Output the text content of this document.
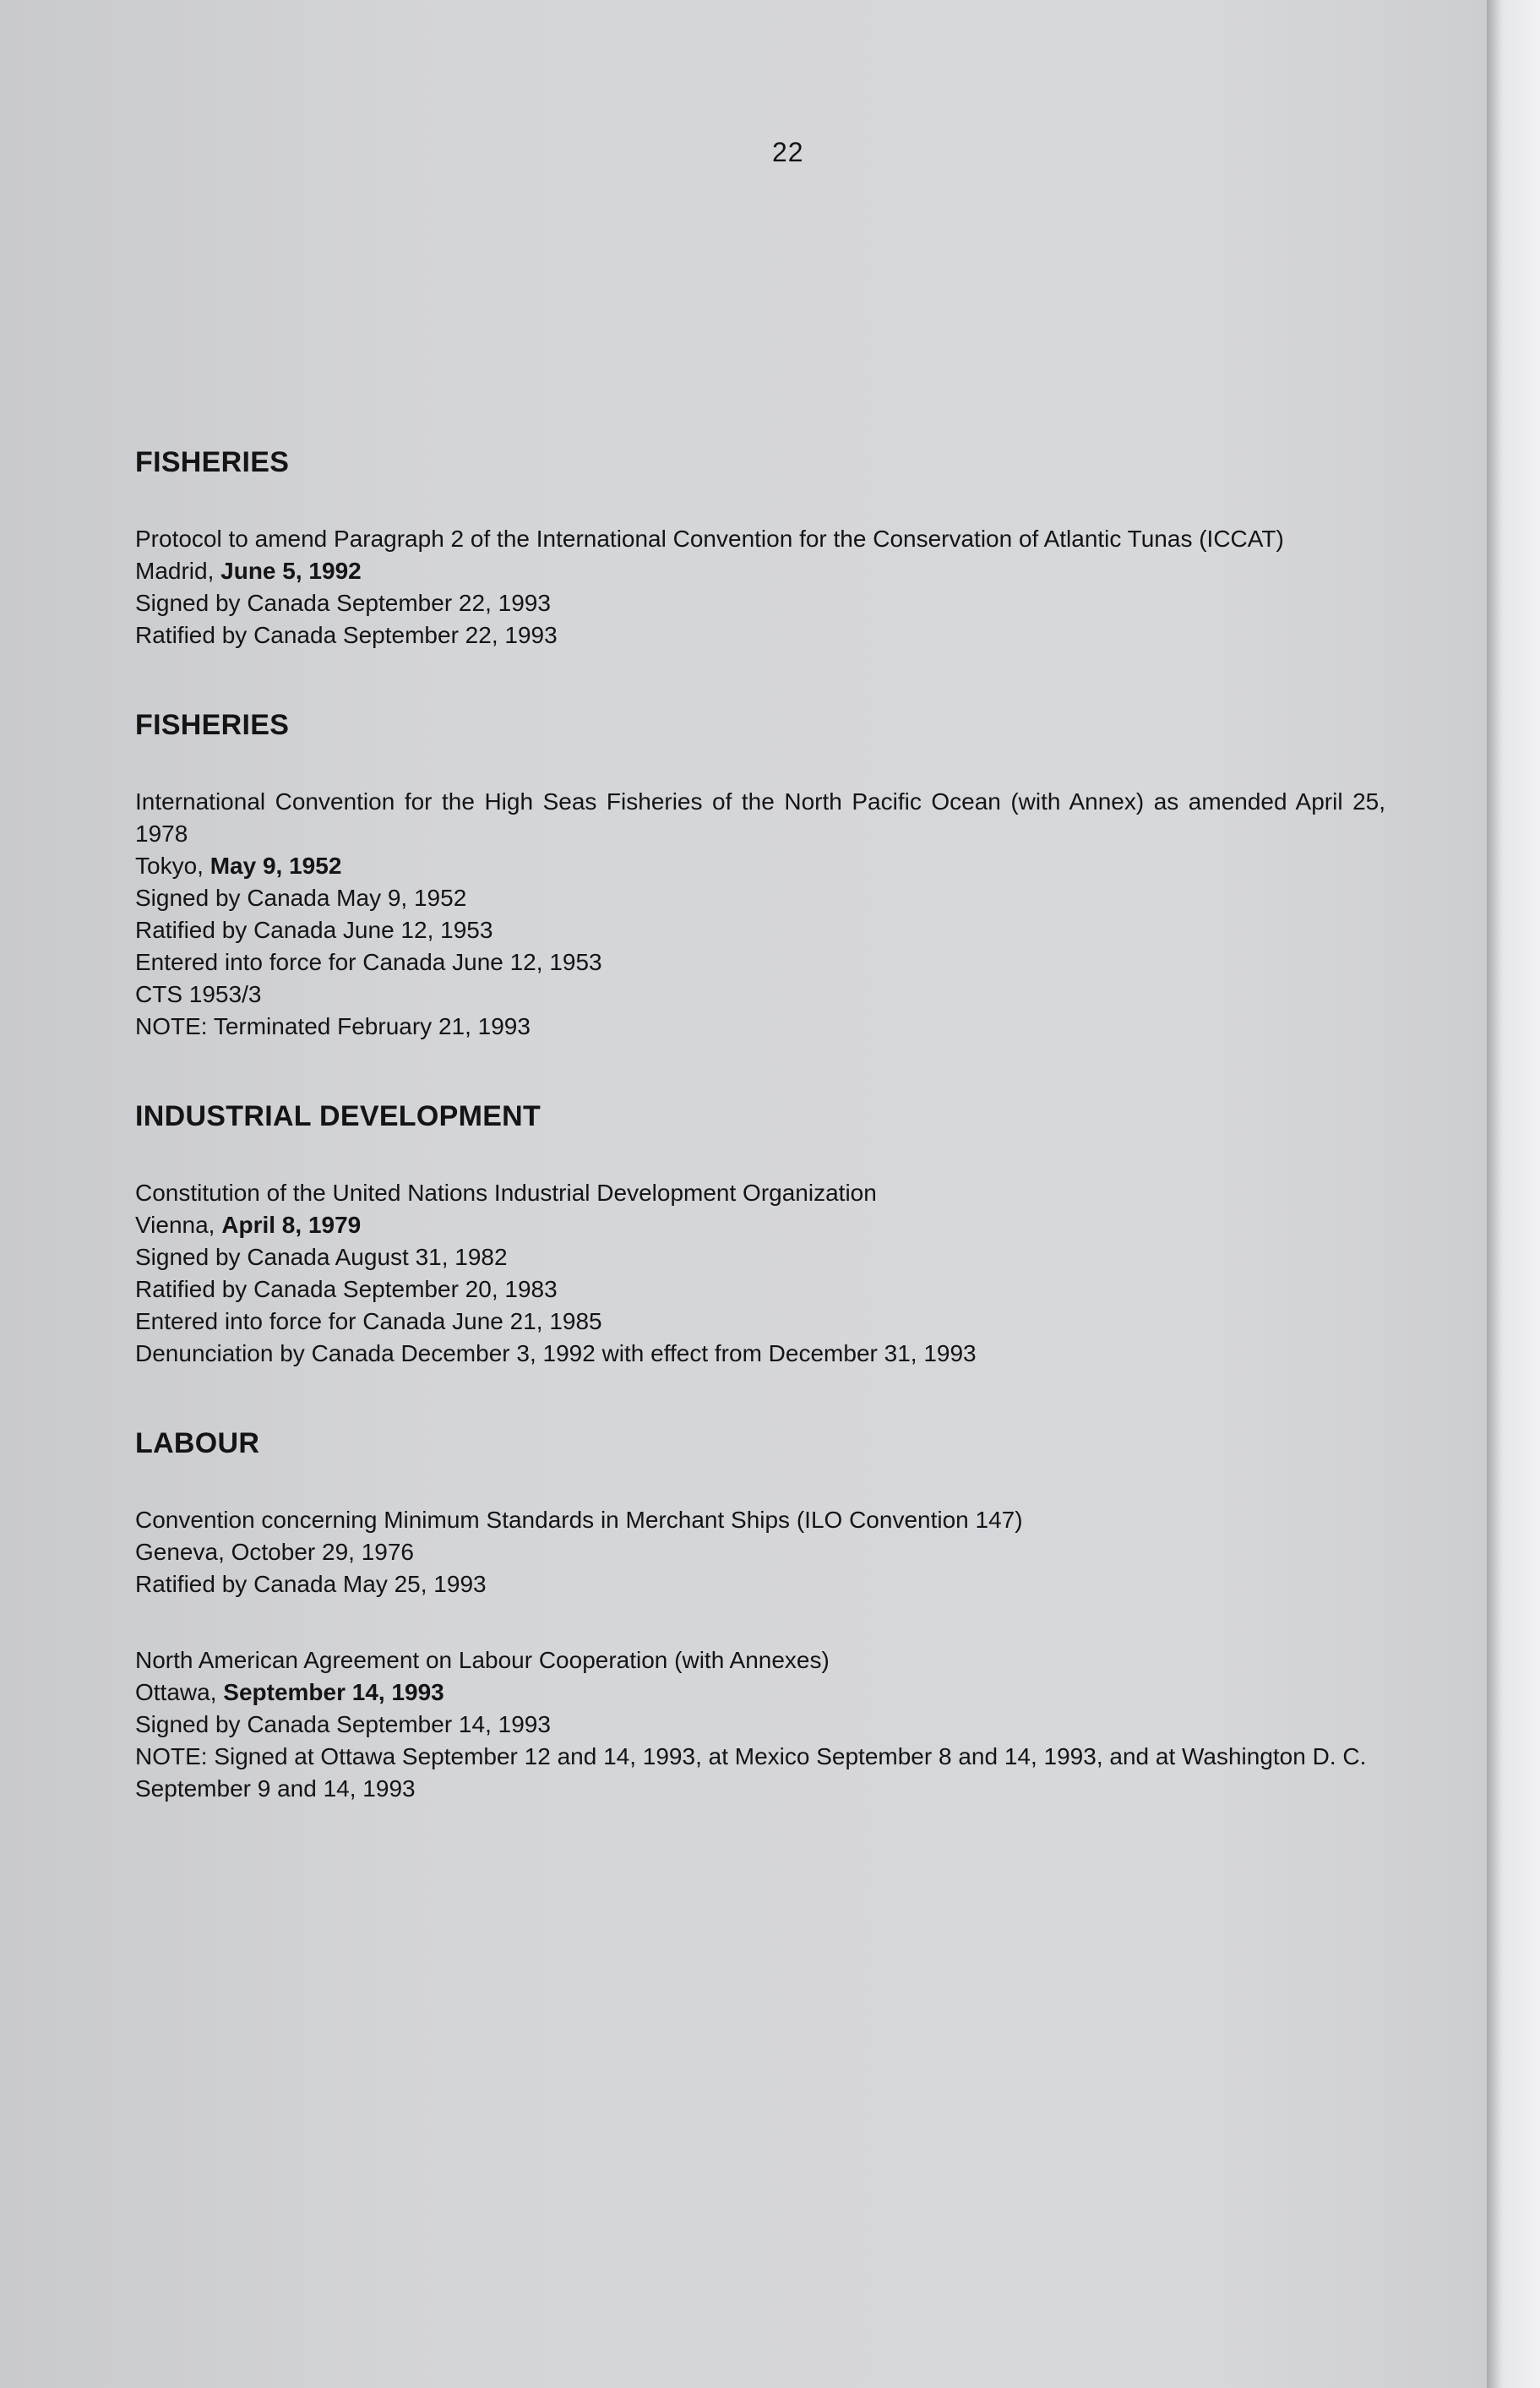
22
FISHERIES
Protocol to amend Paragraph 2 of the International Convention for the Conservation of Atlantic Tunas (ICCAT)
Madrid, June 5, 1992
Signed by Canada September 22, 1993
Ratified by Canada September 22, 1993
FISHERIES
International Convention for the High Seas Fisheries of the North Pacific Ocean (with Annex) as amended April 25, 1978
Tokyo, May 9, 1952
Signed by Canada May 9, 1952
Ratified by Canada June 12, 1953
Entered into force for Canada June 12, 1953
CTS 1953/3
NOTE: Terminated February 21, 1993
INDUSTRIAL DEVELOPMENT
Constitution of the United Nations Industrial Development Organization
Vienna, April 8, 1979
Signed by Canada August 31, 1982
Ratified by Canada September 20, 1983
Entered into force for Canada June 21, 1985
Denunciation by Canada December 3, 1992 with effect from December 31, 1993
LABOUR
Convention concerning Minimum Standards in Merchant Ships (ILO Convention 147)
Geneva, October 29, 1976
Ratified by Canada May 25, 1993
North American Agreement on Labour Cooperation (with Annexes)
Ottawa, September 14, 1993
Signed by Canada September 14, 1993
NOTE: Signed at Ottawa September 12 and 14, 1993, at Mexico September 8 and 14, 1993, and at Washington D. C. September 9 and 14, 1993
